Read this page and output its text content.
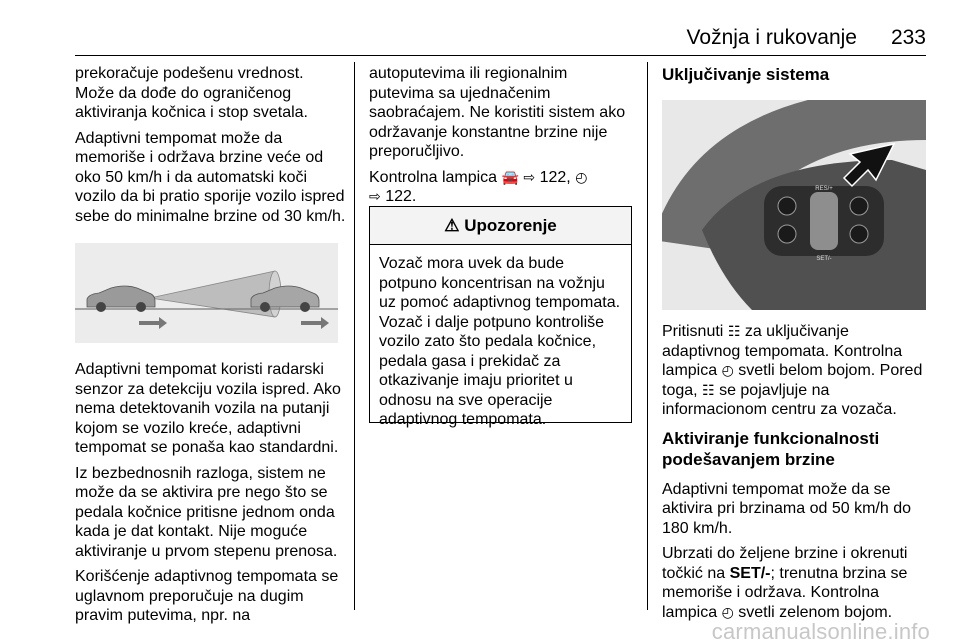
Vožnja i rukovanje 233

prekoračuje podešenu vrednost. Može da dođe do ograničenog aktiviranja kočnica i stop svetala.

Adaptivni tempomat može da memoriše i održava brzine veće od oko 50 km/h i da automatski koči vozilo da bi pratio sporije vozilo ispred sebe do minimalne brzine od 30 km/h.

Adaptivni tempomat koristi radarski senzor za detekciju vozila ispred. Ako nema detektovanih vozila na putanji kojom se vozilo kreće, adaptivni tempomat se ponaša kao standardni.

Iz bezbednosnih razloga, sistem ne može da se aktivira pre nego što se pedala kočnice pritisne jednom onda kada je dat kontakt. Nije moguće aktiviranje u prvom stepenu prenosa.

Korišćenje adaptivnog tempomata se uglavnom preporučuje na dugim pravim putevima, npr. na

autoputevima ili regionalnim putevima sa ujednačenim saobraćajem. Ne koristiti sistem ako održavanje konstantne brzine nije preporučljivo.

Kontrolna lampica 🚘 ⇨ 122, ◴
⇨ 122.

⚠ Upozorenje
Vozač mora uvek da bude potpuno koncentrisan na vožnju uz pomoć adaptivnog tempomata. Vozač i dalje potpuno kontroliše vozilo zato što pedala kočnice, pedala gasa i prekidač za otkazivanje imaju prioritet u odnosu na sve operacije adaptivnog tempomata.
Uključivanje sistema
RES/+
SET/-

Pritisnuti ☷ za uključivanje adaptivnog tempomata. Kontrolna lampica ◴ svetli belom bojom. Pored toga, ☷ se pojavljuje na informacionom centru za vozača.

Aktiviranje funkcionalnosti podešavanjem brzine

Adaptivni tempomat može da se aktivira pri brzinama od 50 km/h do 180 km/h.

Ubrzati do željene brzine i okrenuti točkić na SET/-; trenutna brzina se memoriše i održava. Kontrolna lampica ◴ svetli zelenom bojom.

carmanualsonline.info
